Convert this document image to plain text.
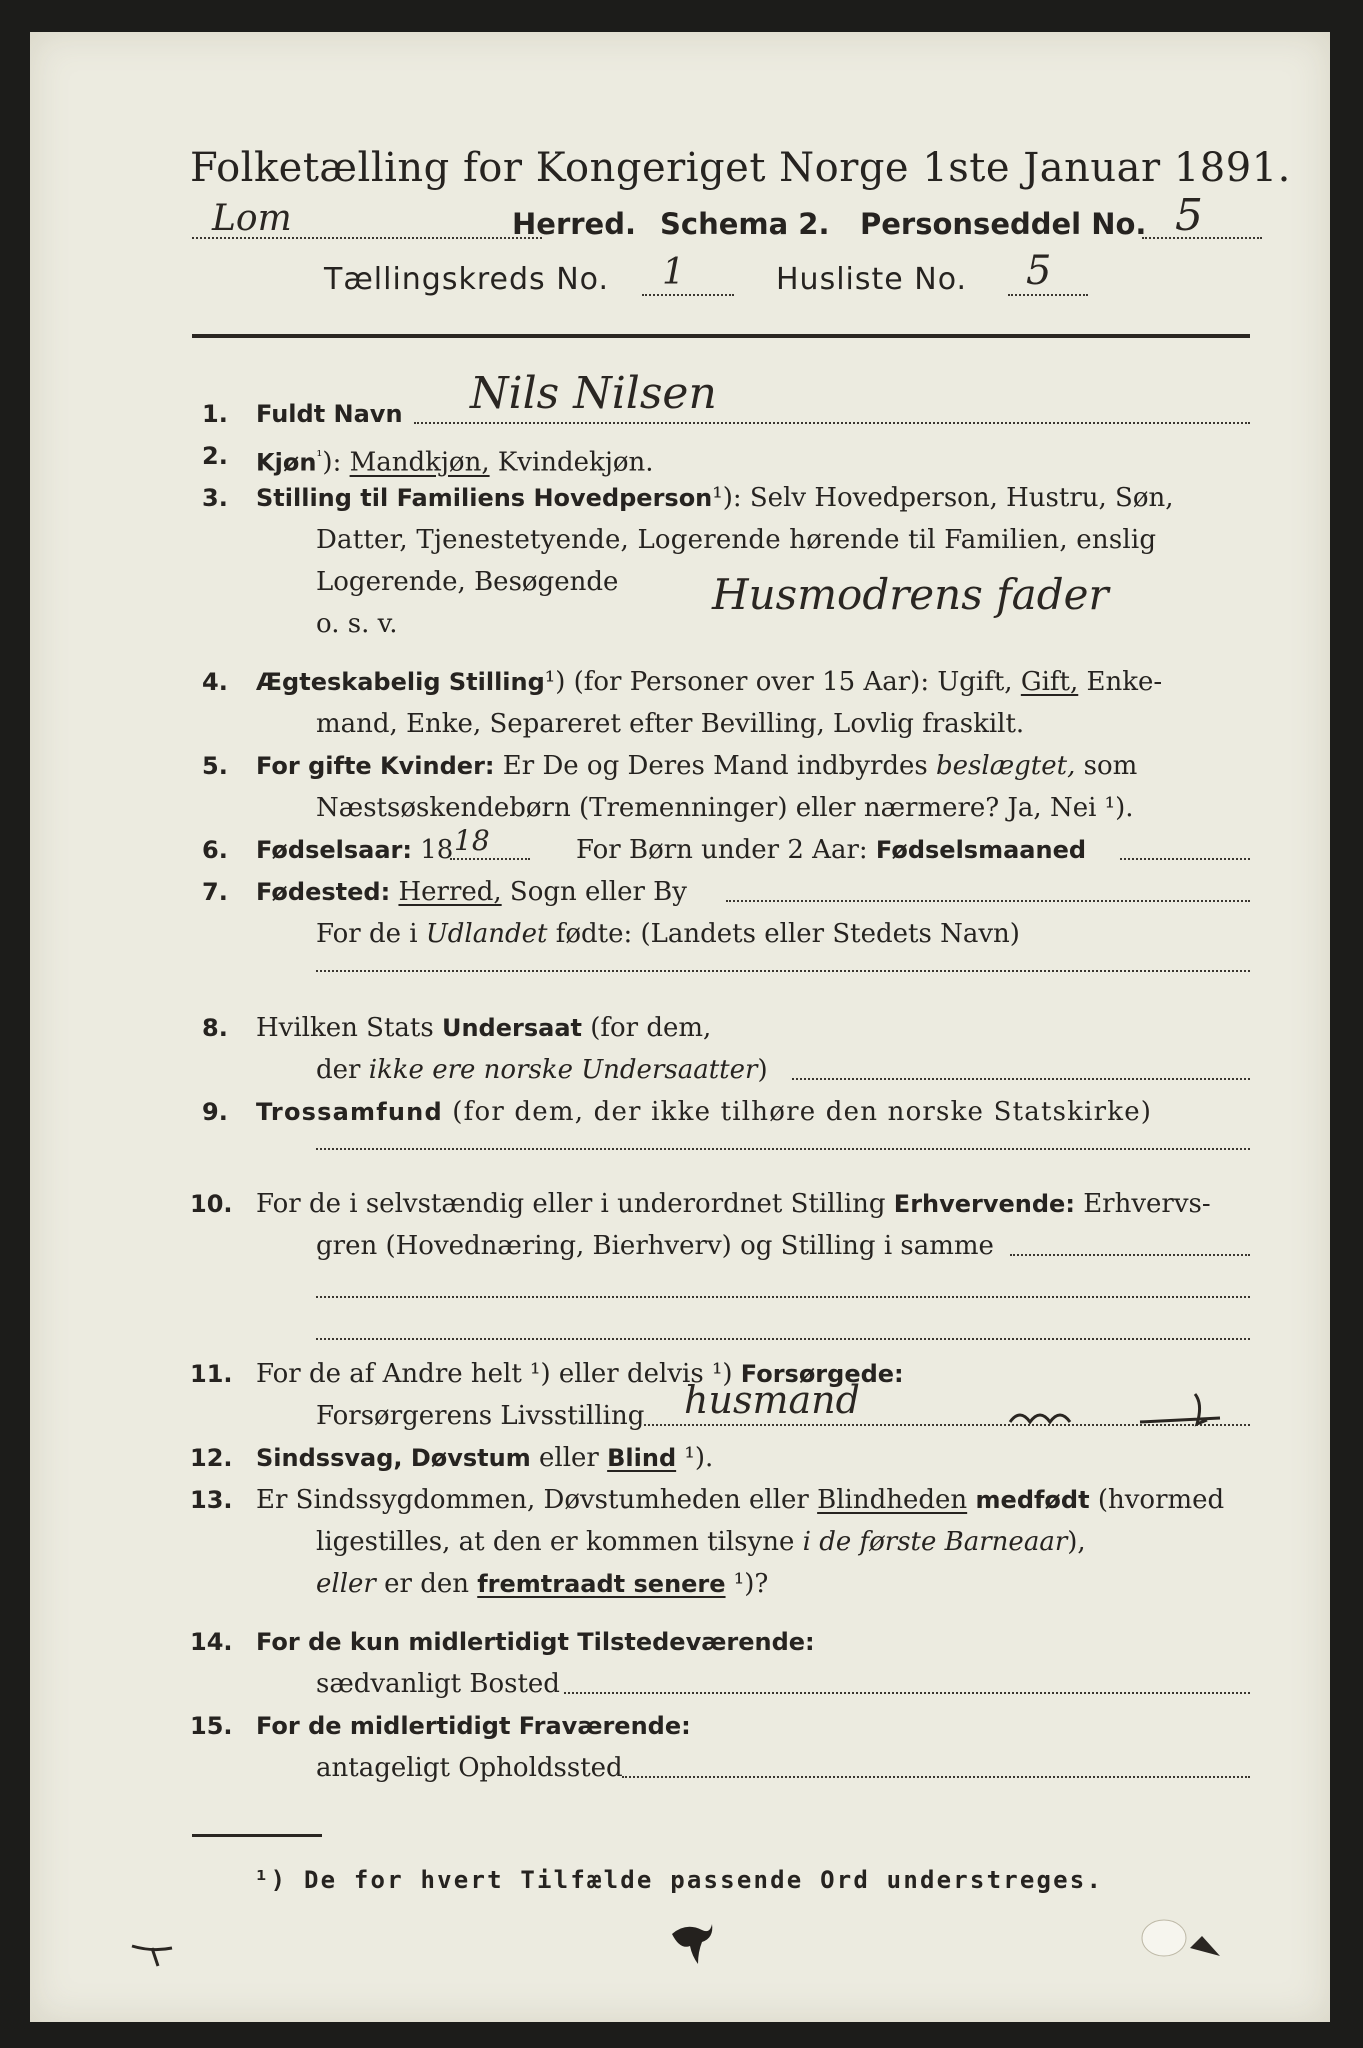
Folketælling for Kongeriget Norge 1ste Januar 1891.
Lom	Herred. Schema 2. Personseddel No. 5
Tællingskreds No. 1	Husliste No. 5
1. Fuldt Navn Nils Nilsen
2. Kjøn$^{^1}$): Mandkjøn, Kvindekjøn.
3. Stilling til Familiens Hovedperson¹): Selv Hovedperson, Hustru, Søn,
Datter, Tjenestetyende, Logerende hørende til Familien, enslig
Logerende, Besøgende
o. s. v.
Husmodrens fader
4. Ægteskabelig Stilling¹) (for Personer over 15 Aar): Ugift, Gift, Enke-
mand, Enke, Separeret efter Bevilling, Lovlig fraskilt.
5. For gifte Kvinder: Er De og Deres Mand indbyrdes beslægtet, som
Næstsøskendebørn (Tremenninger) eller nærmere? Ja, Nei ¹).
6. Fødselsaar: 18 18	For Børn under 2 Aar: Fødselsmaaned
7. Fødested: Herred, Sogn eller By
For de i Udlandet fødte: (Landets eller Stedets Navn)
8. Hvilken Stats Undersaat (for dem,
der ikke ere norske Undersaatter)
9. Trossamfund (for dem, der ikke tilhøre den norske Statskirke)
10. For de i selvstændig eller i underordnet Stilling Erhvervende: Erhvervs-
gren (Hovednæring, Bierhverv) og Stilling i samme
11. For de af Andre helt ¹) eller delvis ¹) Forsørgede:
Forsørgerens Livsstilling husmand
12. Sindssvag, Døvstum eller Blind ¹).
13. Er Sindssygdommen, Døvstumheden eller Blindheden medfødt (hvormed
ligestilles, at den er kommen tilsyne i de første Barneaar),
eller er den fremtraadt senere ¹)?
14. For de kun midlertidigt Tilstedeværende:
sædvanligt Bosted
15. For de midlertidigt Fraværende:
antageligt Opholdssted
¹) De for hvert Tilfælde passende Ord understreges.
